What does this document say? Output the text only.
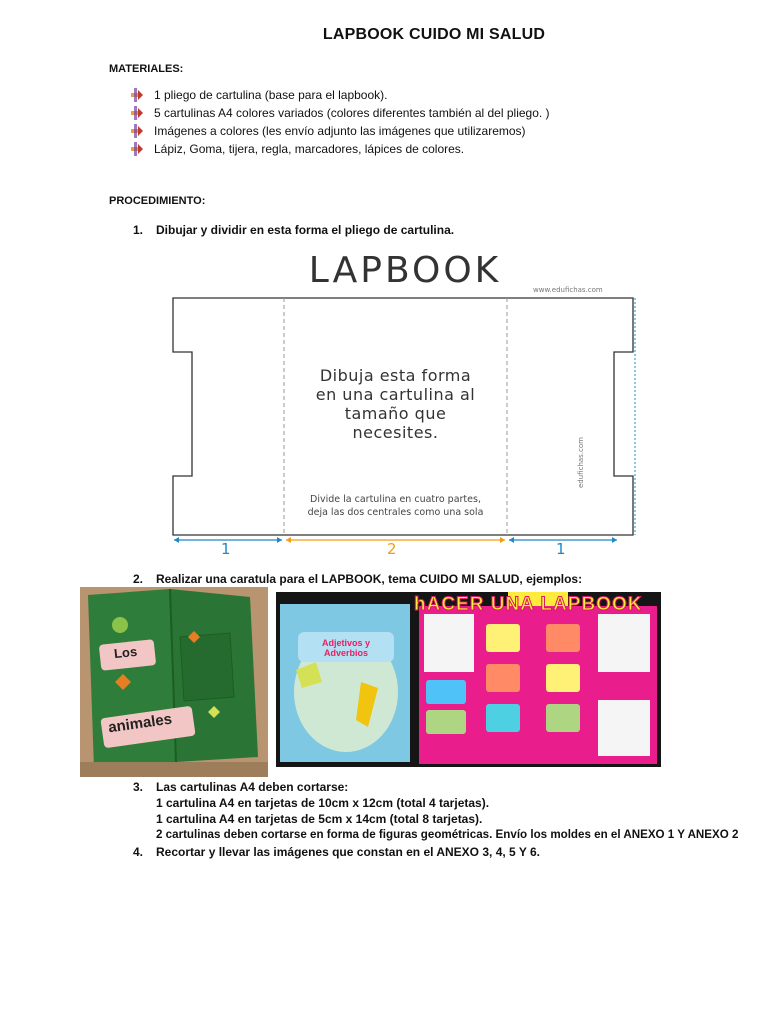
LAPBOOK CUIDO MI SALUD
MATERIALES:
1 pliego de cartulina (base para el lapbook).
5 cartulinas A4 colores variados (colores diferentes también al del pliego. )
Imágenes a colores (les envío adjunto las imágenes que utilizaremos)
Lápiz, Goma, tijera, regla, marcadores, lápices de colores.
PROCEDIMIENTO:
1. Dibujar y dividir en esta forma el pliego de cartulina.
LAPBOOK	www.edufichas.com
edufichas.com
Dibuja esta forma
en una cartulina al
tamaño que
necesites.
Divide la cartulina en cuatro partes,
deja las dos centrales como una sola
1	2	1
2. Realizar una caratula para el LAPBOOK, tema CUIDO MI SALUD, ejemplos:
Los
animales
hACER UNA LAPBOOK
Adjetivos y Adverbios
3. Las cartulinas A4 deben cortarse:
1 cartulina A4 en tarjetas de 10cm x 12cm (total 4 tarjetas).
1 cartulina A4 en tarjetas de 5cm x 14cm (total 8 tarjetas).
2 cartulinas deben cortarse en forma de figuras geométricas. Envío los moldes en el ANEXO 1 Y ANEXO 2
4. Recortar y llevar las imágenes que constan en el ANEXO 3, 4, 5 Y 6.
